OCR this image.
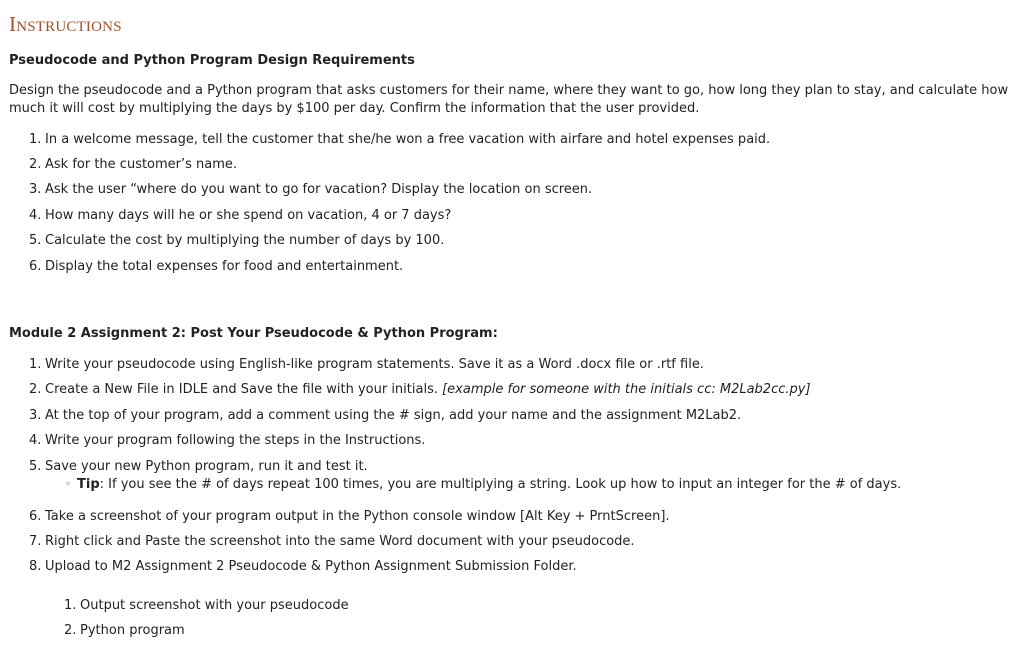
Instructions
Pseudocode and Python Program Design Requirements

Design the pseudocode and a Python program that asks customers for their name, where they want to go, how long they plan to stay, and calculate how much it will cost by multiplying the days by $100 per day. Confirm the information that the user provided.

1. In a welcome message, tell the customer that she/he won a free vacation with airfare and hotel expenses paid.
2. Ask for the customer’s name.
3. Ask the user “where do you want to go for vacation? Display the location on screen.
4. How many days will he or she spend on vacation, 4 or 7 days?
5. Calculate the cost by multiplying the number of days by 100.
6. Display the total expenses for food and entertainment.
Module 2 Assignment 2: Post Your Pseudocode & Python Program:
1. Write your pseudocode using English-like program statements. Save it as a Word .docx file or .rtf file.
2. Create a New File in IDLE and Save the file with your initials. [example for someone with the initials cc: M2Lab2cc.py]
3. At the top of your program, add a comment using the # sign, add your name and the assignment M2Lab2.
4. Write your program following the steps in the Instructions.
5. Save your new Python program, run it and test it.
6. Take a screenshot of your program output in the Python console window [Alt Key + PrntScreen].
7. Right click and Paste the screenshot into the same Word document with your pseudocode.
8. Upload to M2 Assignment 2 Pseudocode & Python Assignment Submission Folder.
◦ Tip: If you see the # of days repeat 100 times, you are multiplying a string. Look up how to input an integer for the # of days.
1. Output screenshot with your pseudocode
2. Python program
